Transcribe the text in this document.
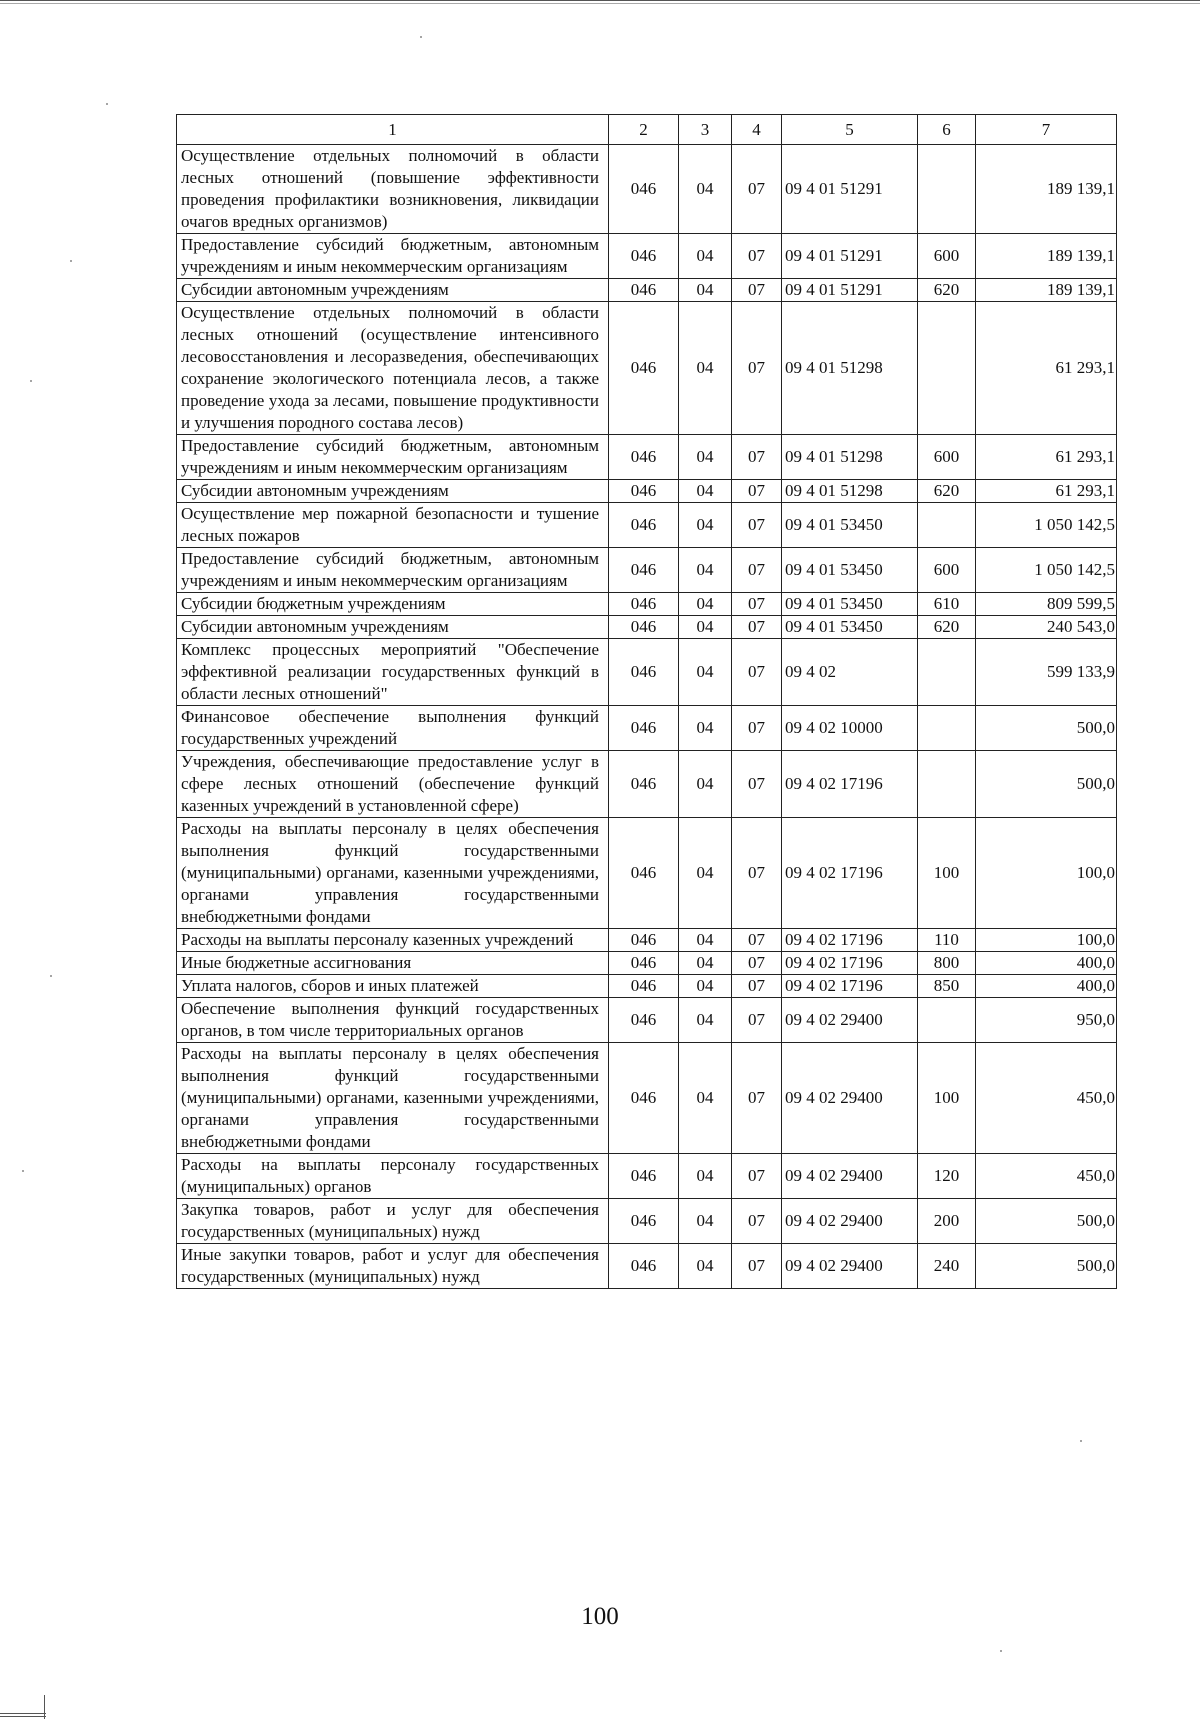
1	2	3	4	5	6	7
Осуществление отдельных полномочий в области лесных отношений (повышение эффективности проведения профилактики возникновения, ликвидации очагов вредных организмов)	046	04	07	09 4 01 51291		189 139,1
Предоставление субсидий бюджетным, автономным учреждениям и иным некоммерческим организациям	046	04	07	09 4 01 51291	600	189 139,1
Субсидии автономным учреждениям	046	04	07	09 4 01 51291	620	189 139,1
Осуществление отдельных полномочий в области лесных отношений (осуществление интенсивного лесовосстановления и лесоразведения, обеспечивающих сохранение экологического потенциала лесов, а также проведение ухода за лесами, повышение продуктивности и улучшения породного состава лесов)	046	04	07	09 4 01 51298		61 293,1
Предоставление субсидий бюджетным, автономным учреждениям и иным некоммерческим организациям	046	04	07	09 4 01 51298	600	61 293,1
Субсидии автономным учреждениям	046	04	07	09 4 01 51298	620	61 293,1
Осуществление мер пожарной безопасности и тушение лесных пожаров	046	04	07	09 4 01 53450		1 050 142,5
Предоставление субсидий бюджетным, автономным учреждениям и иным некоммерческим организациям	046	04	07	09 4 01 53450	600	1 050 142,5
Субсидии бюджетным учреждениям	046	04	07	09 4 01 53450	610	809 599,5
Субсидии автономным учреждениям	046	04	07	09 4 01 53450	620	240 543,0
Комплекс процессных мероприятий "Обеспечение эффективной реализации государственных функций в области лесных отношений"	046	04	07	09 4 02		599 133,9
Финансовое обеспечение выполнения функций государственных учреждений	046	04	07	09 4 02 10000		500,0
Учреждения, обеспечивающие предоставление услуг в сфере лесных отношений (обеспечение функций казенных учреждений в установленной сфере)	046	04	07	09 4 02 17196		500,0
Расходы на выплаты персоналу в целях обеспечения выполнения функций государственными (муниципальными) органами, казенными учреждениями, органами управления государственными внебюджетными фондами	046	04	07	09 4 02 17196	100	100,0
Расходы на выплаты персоналу казенных учреждений	046	04	07	09 4 02 17196	110	100,0
Иные бюджетные ассигнования	046	04	07	09 4 02 17196	800	400,0
Уплата налогов, сборов и иных платежей	046	04	07	09 4 02 17196	850	400,0
Обеспечение выполнения функций государственных органов, в том числе территориальных органов	046	04	07	09 4 02 29400		950,0
Расходы на выплаты персоналу в целях обеспечения выполнения функций государственными (муниципальными) органами, казенными учреждениями, органами управления государственными внебюджетными фондами	046	04	07	09 4 02 29400	100	450,0
Расходы на выплаты персоналу государственных (муниципальных) органов	046	04	07	09 4 02 29400	120	450,0
Закупка товаров, работ и услуг для обеспечения государственных (муниципальных) нужд	046	04	07	09 4 02 29400	200	500,0
Иные закупки товаров, работ и услуг для обеспечения государственных (муниципальных) нужд	046	04	07	09 4 02 29400	240	500,0
100
